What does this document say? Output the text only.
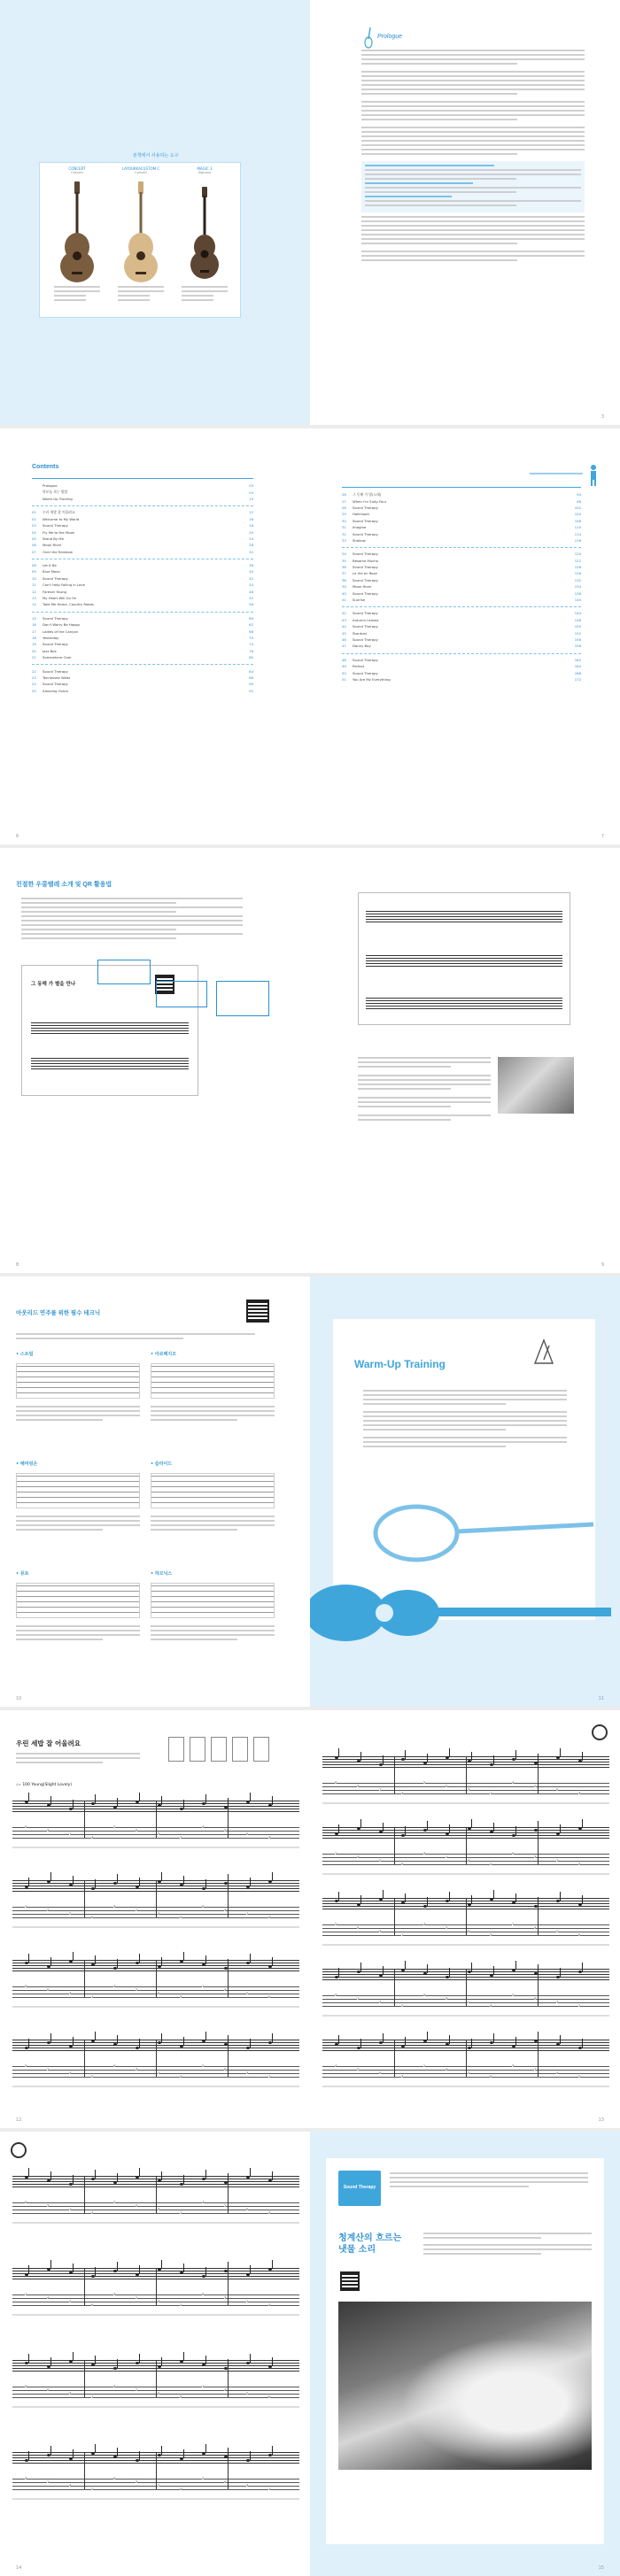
본책에서 사용하는 도구
CONCERT
Concert
LAYOUKKACUSTOM C
Concert
MAGIC 3
Soprano
Prologue
3
Contents
Prologue	03
악보를 보는 방법	04
Warm-Up Training	10
01	우리 세밥 잘 어울려요	12
02	Welcome to My World	16
03	Sound Therapy	18
04	Fly Me to the Moon	20
05	Stand By Me	24
06	Moon River	28
07	Over the Rainbow	32
08	Let It Be	36
09	Blue Moon	40
10	Sound Therapy	42
11	Can't Help Falling in Love	44
12	Forever Young	48
13	My Heart Will Go On	52
14	Take Me Home, Country Roads	56
15	Sound Therapy	60
16	Don't Worry Be Happy	62
17	Ladies of the Canyon	66
18	Yesterday	70
19	Sound Therapy	74
20	Jazz Box	76
21	Somewhere Over	80
22	Sound Therapy	84
23	Tennessee Waltz	86
24	Sound Therapy	90
25	Amazing Grace	92
6
26	그 동해 가 별(노래)	94
27	When I'm Sixty-Four	98
28	Sound Therapy	102
29	Hallelujah	104
30	Sound Therapy	108
31	Imagine	110
32	Sound Therapy	114
33	Shallow	116
34	Sound Therapy	120
35	Bésame Mucho	122
36	Sound Therapy	126
37	La Vie en Rose	128
38	Sound Therapy	132
39	Moon River	134
40	Sound Therapy	138
41	Sunrise	140
42	Sound Therapy	144
43	Autumn Leaves	146
44	Sound Therapy	150
45	Stardust	152
46	Sound Therapy	156
47	Danny Boy	158
48	Sound Therapy	162
49	Perfect	164
50	Sound Therapy	168
51	You Are My Everything	172
7
친절한 우쿨렐레 소개 및 QR 활용법
그 동해 가 별을 만나
8	9
아웃리드 연주를 위한 필수 테크닉
• 스트럼	• 아르페지오
• 해머링온	• 슬라이드
• 뮤트	• 하모닉스
10
Warm-Up Training
11
우린 세밥 잘 어울려요
♩= 100 Young(Slight Lovely)
0
3
1
4
2
0
3
1
4
2
0
3
1
4
2
0
3
1
4
2
0
3
1
4
2
0
3
1
4
2
0
3
1
4
2
0
3
1
4
2
0
3
1
4
2
0
3
1
12
0
3
1
4
2
0
3
1
4
2
0
3
1
4
2
0
3
1
4
2
0
3
1
4
2
0
3
1
4
2
0
3
1
4
2
0
3
1
4
2
0
3
1
4
2
0
3
1
4
2
0
3
1
4
2
0
3
1
4
2
13
0
3
1
4
2
0
3
1
4
2
0
3
1
4
2
0
3
1
4
2
0
3
1
4
2
0
3
1
4
2
0
3
1
4
2
0
3
1
4
2
0
3
1
4
2
0
3
1
14
Sound Therapy
청계산의 흐르는
냇물 소리
15
